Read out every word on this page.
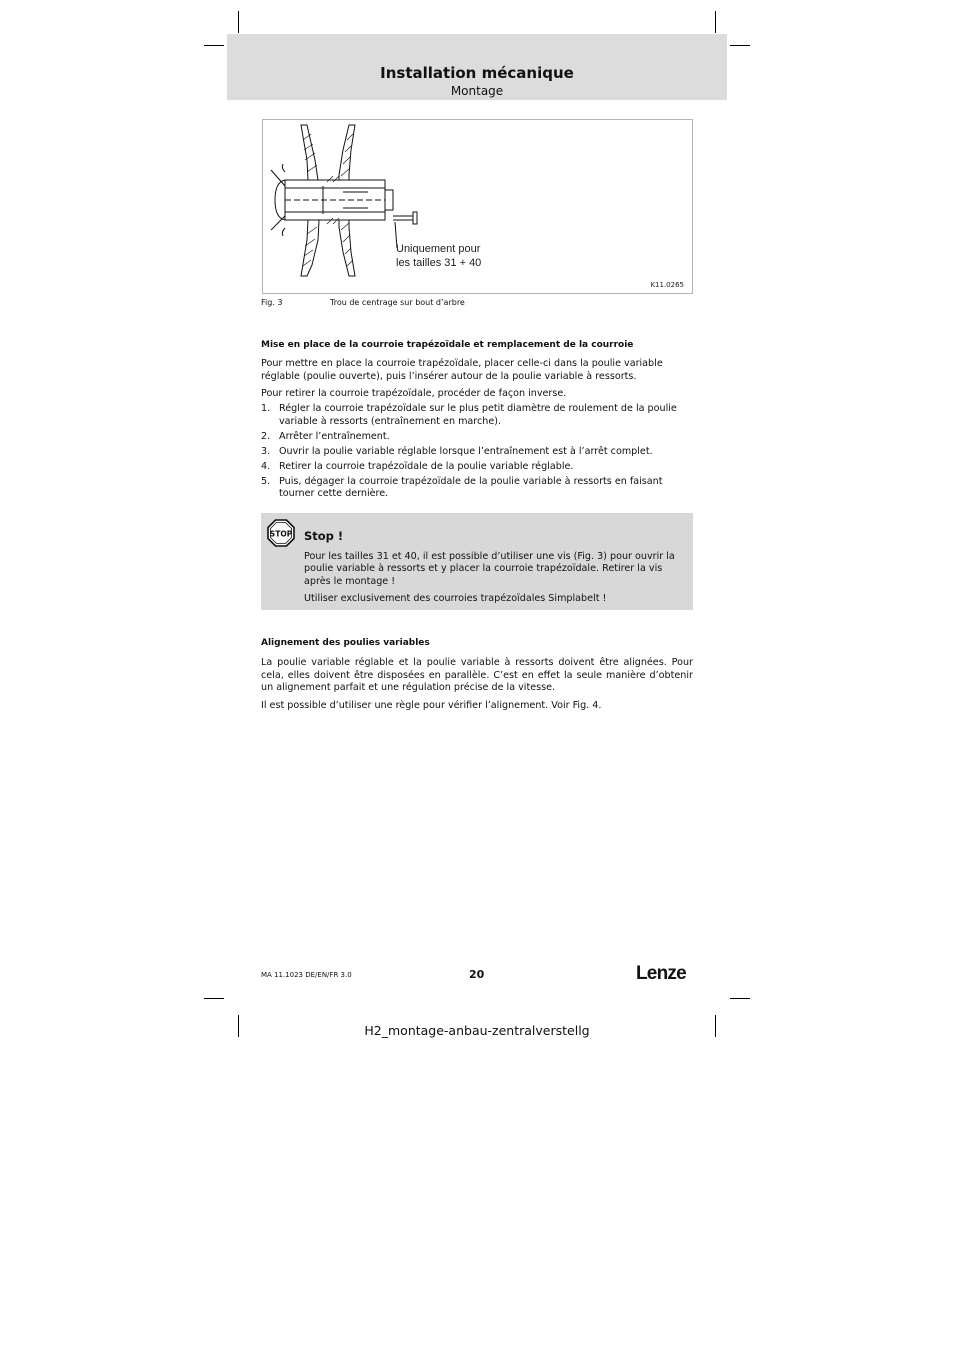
Installation mécanique
Montage
Uniquement pour
les tailles 31 + 40
K11.0265
Fig. 3	Trou de centrage sur bout d’arbre
Mise en place de la courroie trapézoïdale et remplacement de la courroie
Pour mettre en place la courroie trapézoïdale, placer celle-ci dans la poulie variable réglable (poulie ouverte), puis l’insérer autour de la poulie variable à ressorts.
Pour retirer la courroie trapézoïdale, procéder de façon inverse.
1. Régler la courroie trapézoïdale sur le plus petit diamètre de roulement de la poulie variable à ressorts (entraînement en marche).
2. Arrêter l’entraînement.
3. Ouvrir la poulie variable réglable lorsque l’entraînement est à l’arrêt complet.
4. Retirer la courroie trapézoïdale de la poulie variable réglable.
5. Puis, dégager la courroie trapézoïdale de la poulie variable à ressorts en faisant tourner cette dernière.
STOP Stop !
Pour les tailles 31 et 40, il est possible d’utiliser une vis (Fig. 3) pour ouvrir la poulie variable à ressorts et y placer la courroie trapézoïdale. Retirer la vis après le montage !
Utiliser exclusivement des courroies trapézoïdales Simplabelt !
Alignement des poulies variables
La poulie variable réglable et la poulie variable à ressorts doivent être alignées. Pour cela, elles doivent être disposées en parallèle. C’est en effet la seule manière d’obtenir un alignement parfait et une régulation précise de la vitesse.
Il est possible d’utiliser une règle pour vérifier l’alignement. Voir Fig. 4.
MA 11.1023 DE/EN/FR 3.0	20	Lenze
H2_montage-anbau-zentralverstellg
